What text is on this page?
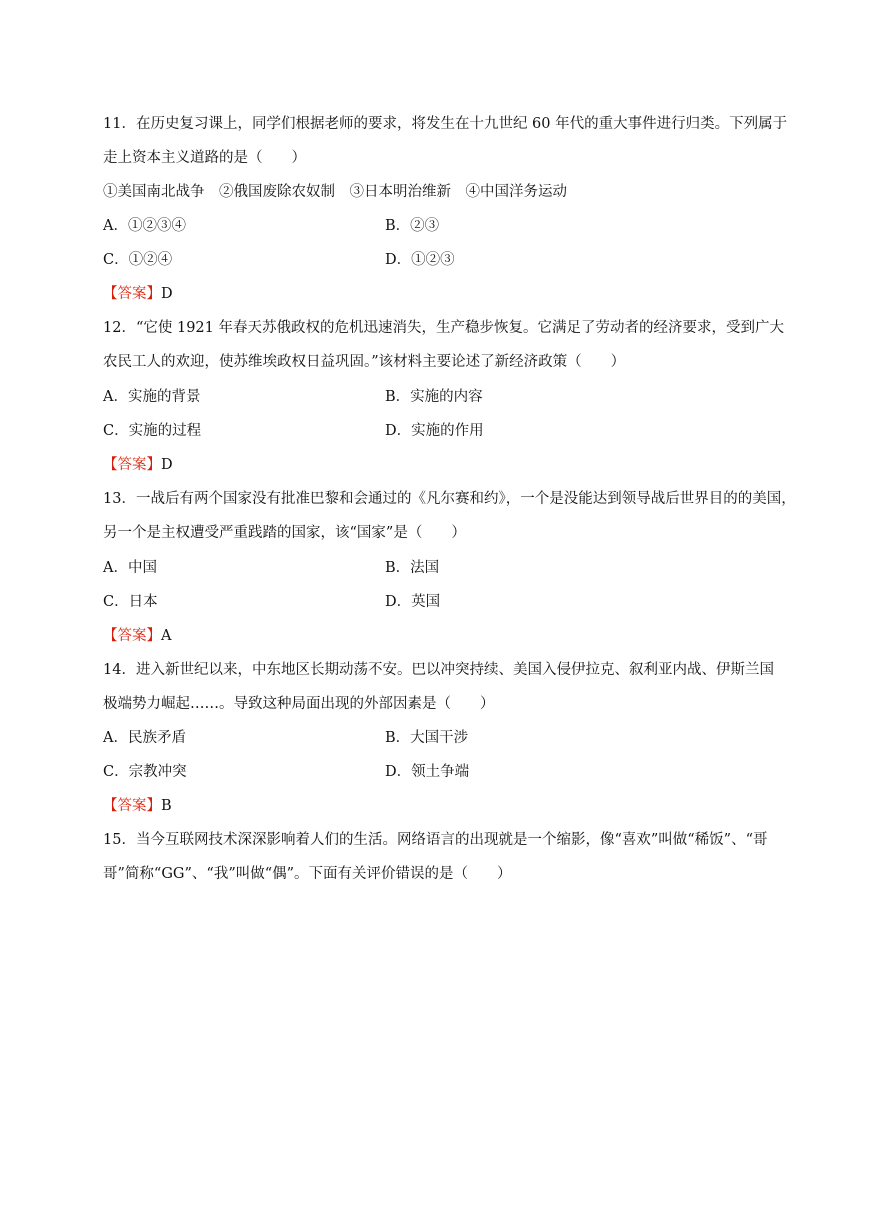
11．在历史复习课上，同学们根据老师的要求，将发生在十九世纪 60 年代的重大事件进行归类。下列属于
走上资本主义道路的是（　　）
①美国南北战争　②俄国废除农奴制　③日本明治维新　④中国洋务运动
A．①②③④	B．②③
C．①②④	D．①②③
【答案】D
12．“它使 1921 年春天苏俄政权的危机迅速消失，生产稳步恢复。它满足了劳动者的经济要求，受到广大
农民工人的欢迎，使苏维埃政权日益巩固。”该材料主要论述了新经济政策（　　）
A．实施的背景	B．实施的内容
C．实施的过程	D．实施的作用
【答案】D
13．一战后有两个国家没有批准巴黎和会通过的《凡尔赛和约》，一个是没能达到领导战后世界目的的美国，
另一个是主权遭受严重践踏的国家，该“国家”是（　　）
A．中国	B．法国
C．日本	D．英国
【答案】A
14．进入新世纪以来，中东地区长期动荡不安。巴以冲突持续、美国入侵伊拉克、叙利亚内战、伊斯兰国
极端势力崛起……。导致这种局面出现的外部因素是（　　）
A．民族矛盾	B．大国干涉
C．宗教冲突	D．领土争端
【答案】B
15．当今互联网技术深深影响着人们的生活。网络语言的出现就是一个缩影，像“喜欢”叫做“稀饭”、“哥
哥”简称“GG”、“我”叫做“偶”。下面有关评价错误的是（　　）
